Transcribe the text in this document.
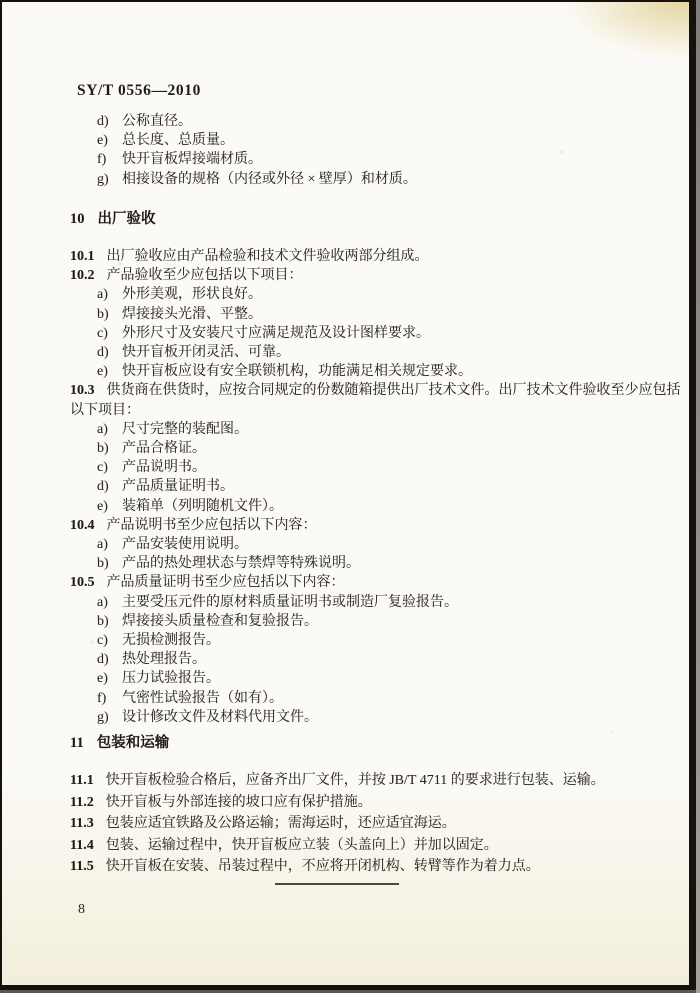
SY/T 0556—2010
d) 公称直径。
e) 总长度、总质量。
f) 快开盲板焊接端材质。
g) 相接设备的规格（内径或外径 × 壁厚）和材质。
10 出厂验收

10.1 出厂验收应由产品检验和技术文件验收两部分组成。

10.2 产品验收至少应包括以下项目：

a) 外形美观，形状良好。
b) 焊接接头光滑、平整。
c) 外形尺寸及安装尺寸应满足规范及设计图样要求。
d) 快开盲板开闭灵活、可靠。
e) 快开盲板应设有安全联锁机构，功能满足相关规定要求。

10.3 供货商在供货时，应按合同规定的份数随箱提供出厂技术文件。出厂技术文件验收至少应包括

以下项目：

a) 尺寸完整的装配图。
b) 产品合格证。
c) 产品说明书。
d) 产品质量证明书。
e) 装箱单（列明随机文件）。

10.4 产品说明书至少应包括以下内容：

a) 产品安装使用说明。
b) 产品的热处理状态与禁焊等特殊说明。

10.5 产品质量证明书至少应包括以下内容：

a) 主要受压元件的原材料质量证明书或制造厂复验报告。
b) 焊接接头质量检查和复验报告。
c) 无损检测报告。
d) 热处理报告。
e) 压力试验报告。
f) 气密性试验报告（如有）。
g) 设计修改文件及材料代用文件。
11 包装和运输

11.1 快开盲板检验合格后，应备齐出厂文件，并按 JB/T 4711 的要求进行包装、运输。

11.2 快开盲板与外部连接的坡口应有保护措施。

11.3 包装应适宜铁路及公路运输；需海运时，还应适宜海运。

11.4 包装、运输过程中，快开盲板应立装（头盖向上）并加以固定。

11.5 快开盲板在安装、吊装过程中，不应将开闭机构、转臂等作为着力点。

8
